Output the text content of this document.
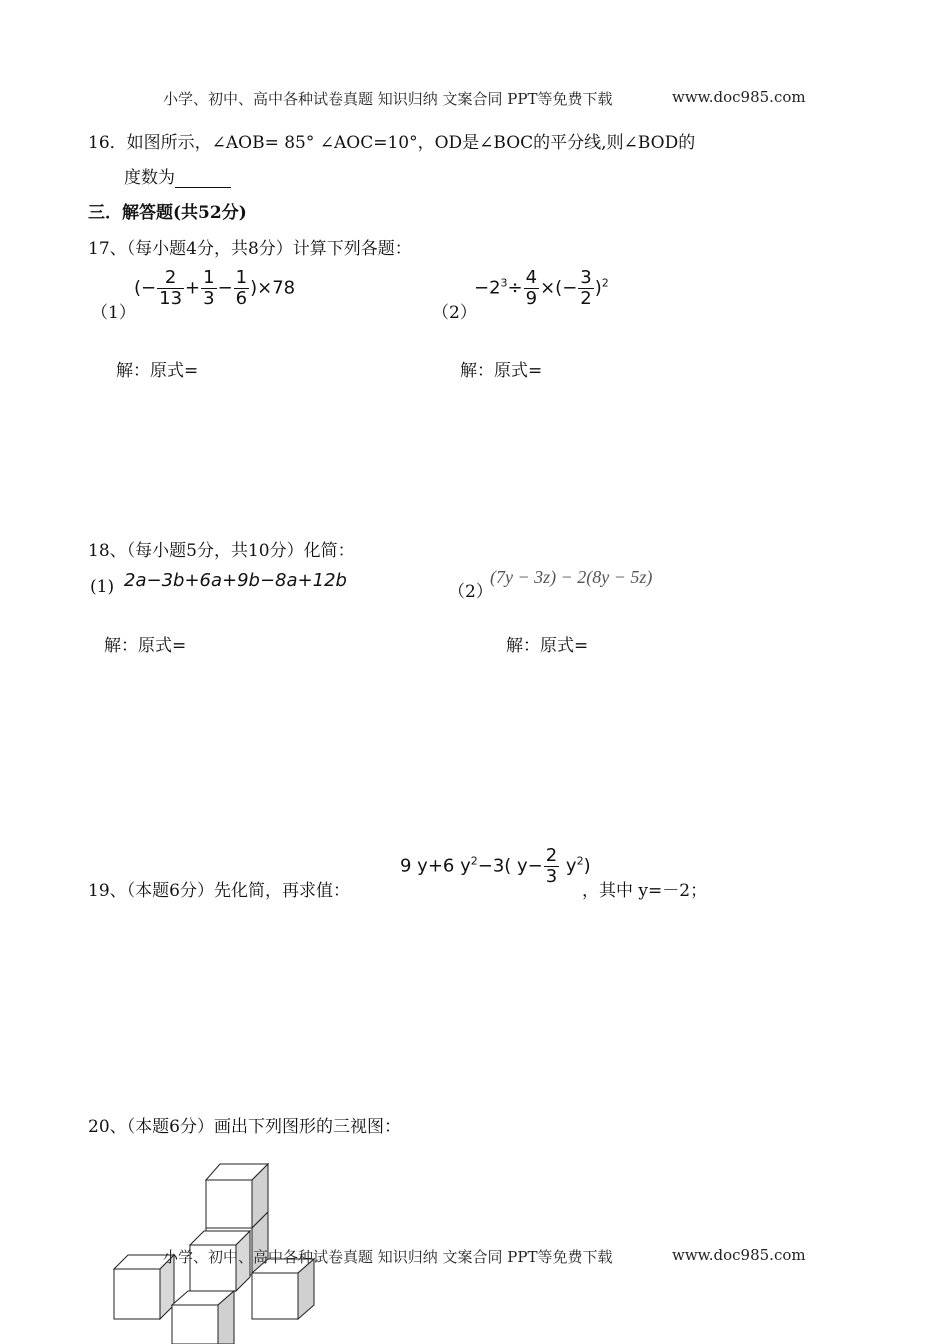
小学、初中、高中各种试卷真题 知识归纳 文案合同 PPT等免费下载	www.doc985.com
16．如图所示，∠AOB= 85° ∠AOC=10°，OD是∠BOC的平分线,则∠BOD的
度数为
三．解答题(共52分)
17、（每小题4分，共8分）计算下列各题：
（1）
(− $\frac{2}{13} + \frac{1}{3} - \frac{1}{6} )\times 78$
（2）
$-2^3\div \frac{4}{9}$ ×(− $\frac{3}{2} )^2$
解：原式=	解：原式=
18、（每小题5分，共10分）化简：
(1) 2a−3b+6a+9b−8a+12b
（2）
(7y − 3z) − 2(8y − 5z)
解：原式=	解：原式=
19、（本题6分）先化简，再求值：
9 y+6 $y^2-3$( $y- \frac{2}{3} y^2$)
，其中 y=－2；
20、（本题6分）画出下列图形的三视图：
小学、初中、高中各种试卷真题 知识归纳 文案合同 PPT等免费下载	www.doc985.com
